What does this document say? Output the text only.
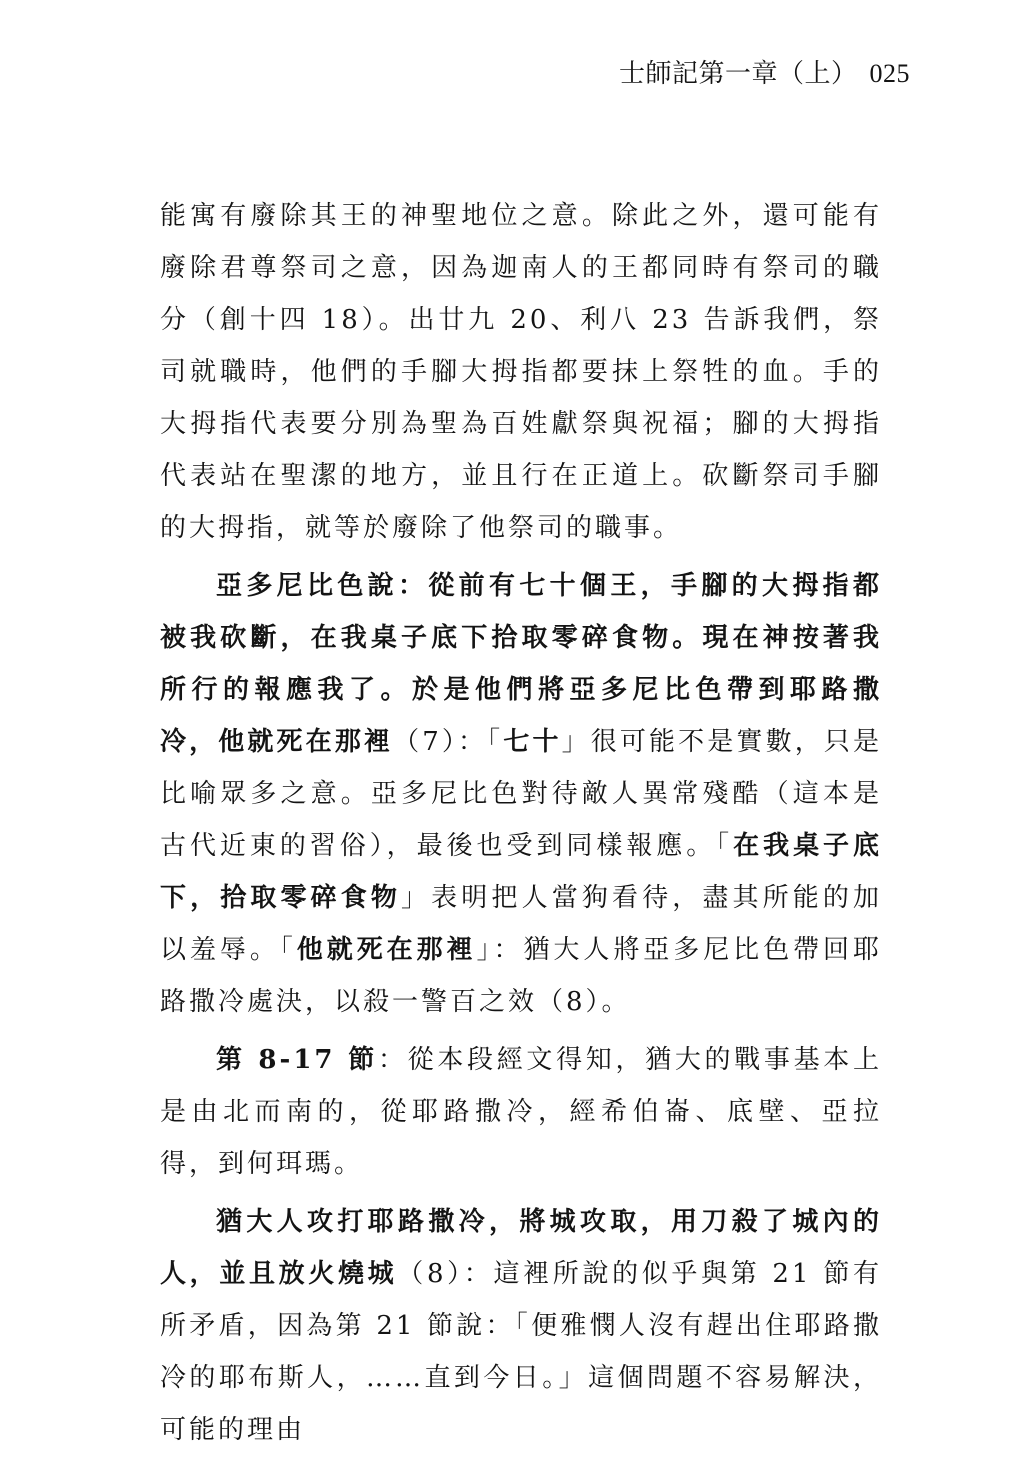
士師記第一章（上） 025

能寓有廢除其王的神聖地位之意。除此之外，還可能有廢除君尊祭司之意，因為迦南人的王都同時有祭司的職分（創十四 18）。出廿九 20、利八 23 告訴我們，祭司就職時，他們的手腳大拇指都要抹上祭牲的血。手的大拇指代表要分別為聖為百姓獻祭與祝福；腳的大拇指代表站在聖潔的地方，並且行在正道上。砍斷祭司手腳的大拇指，就等於廢除了他祭司的職事。

亞多尼比色說：從前有七十個王，手腳的大拇指都被我砍斷，在我桌子底下拾取零碎食物。現在神按著我所行的報應我了。於是他們將亞多尼比色帶到耶路撒冷，他就死在那裡（7）：「七十」很可能不是實數，只是比喻眾多之意。亞多尼比色對待敵人異常殘酷（這本是古代近東的習俗），最後也受到同樣報應。「在我桌子底下，拾取零碎食物」表明把人當狗看待，盡其所能的加以羞辱。「他就死在那裡」：猶大人將亞多尼比色帶回耶路撒冷處決，以殺一警百之效（8）。

第 8-17 節：從本段經文得知，猶大的戰事基本上是由北而南的，從耶路撒冷，經希伯崙、底壁、亞拉得，到何珥瑪。

猶大人攻打耶路撒冷，將城攻取，用刀殺了城內的人，並且放火燒城（8）：這裡所說的似乎與第 21 節有所矛盾，因為第 21 節說：「便雅憫人沒有趕出住耶路撒冷的耶布斯人，……直到今日。」這個問題不容易解決，可能的理由
